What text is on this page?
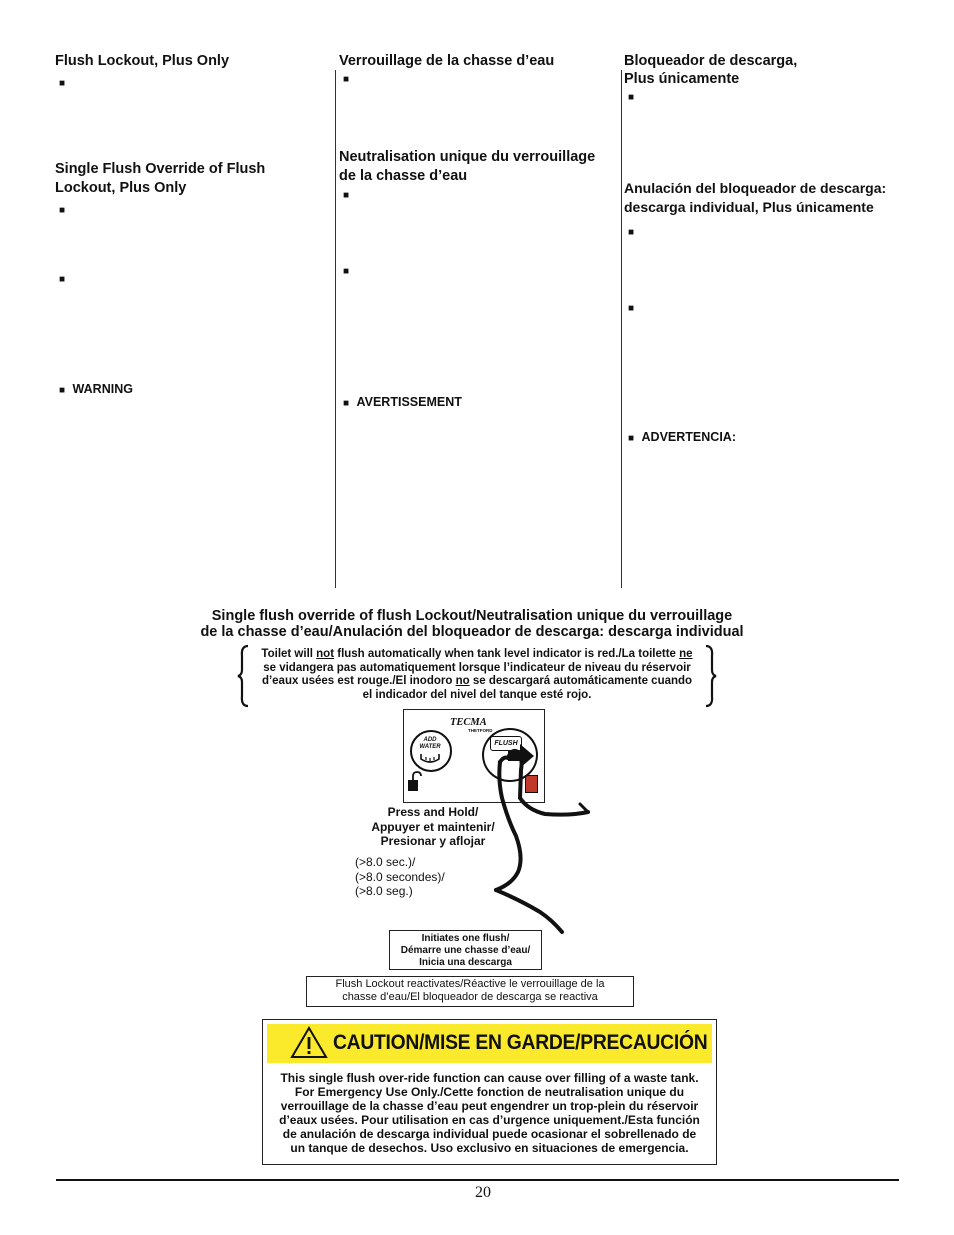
Flush Lockout, Plus Only
■
Single Flush Override of Flush
Lockout, Plus Only
■
■
■ WARNING
Verrouillage de la chasse d’eau
■
Neutralisation unique du verrouillage
de la chasse d’eau
■
■
■ AVERTISSEMENT
Bloqueador de descarga,
Plus únicamente
■
Anulación del bloqueador de descarga:
descarga individual, Plus únicamente
■
■
■ ADVERTENCIA:
Single flush override of flush Lockout/Neutralisation unique du verrouillage
de la chasse d’eau/Anulación del bloqueador de descarga: descarga individual
Toilet will not flush automatically when tank level indicator is red./La toilette ne
se vidangera pas automatiquement lorsque l’indicateur de niveau du réservoir
d’eaux usées est rouge./El inodoro no se descargará automáticamente cuando
el indicador del nivel del tanque esté rojo.
TECMA
THETFORD
ADD
WATER	FLUSH
Press and Hold/
Appuyer et maintenir/
Presionar y aflojar
(>8.0 sec.)/
(>8.0 secondes)/
(>8.0 seg.)
Initiates one flush/
Démarre une chasse d’eau/
Inicia una descarga
Flush Lockout reactivates/Réactive le verrouillage de la
chasse d’eau/El bloqueador de descarga se reactiva
CAUTION/MISE EN GARDE/PRECAUCIÓN
This single flush over-ride function can cause over filling of a waste tank.
For Emergency Use Only./Cette fonction de neutralisation unique du
verrouillage de la chasse d’eau peut engendrer un trop-plein du réservoir
d’eaux usées. Pour utilisation en cas d’urgence uniquement./Esta función
de anulación de descarga individual puede ocasionar el sobrellenado de
un tanque de desechos. Uso exclusivo en situaciones de emergencia.
20
